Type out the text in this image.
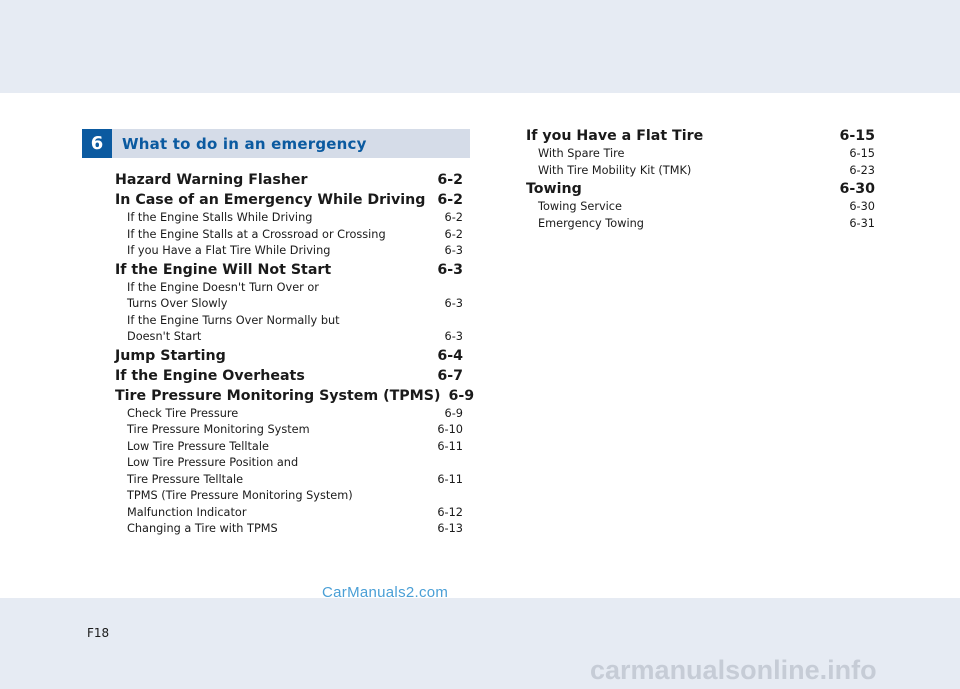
6	What to do in an emergency
Hazard Warning Flasher	6-2
In Case of an Emergency While Driving 6-2
If the Engine Stalls While Driving	6-2
If the Engine Stalls at a Crossroad or Crossing	6-2
If you Have a Flat Tire While Driving	6-3
If the Engine Will Not Start	6-3
If the Engine Doesn't Turn Over or
Turns Over Slowly	6-3
If the Engine Turns Over Normally but
Doesn't Start	6-3
Jump Starting	6-4
If the Engine Overheats	6-7
Tire Pressure Monitoring System (TPMS) 6-9
Check Tire Pressure	6-9
Tire Pressure Monitoring System	6-10
Low Tire Pressure Telltale	6-11
Low Tire Pressure Position and
Tire Pressure Telltale	6-11
TPMS (Tire Pressure Monitoring System)
Malfunction Indicator	6-12
Changing a Tire with TPMS	6-13
If you Have a Flat Tire	6-15
With Spare Tire	6-15
With Tire Mobility Kit (TMK)	6-23
Towing	6-30
Towing Service	6-30
Emergency Towing	6-31
F18
CarManuals2.com
carmanualsonline.info
